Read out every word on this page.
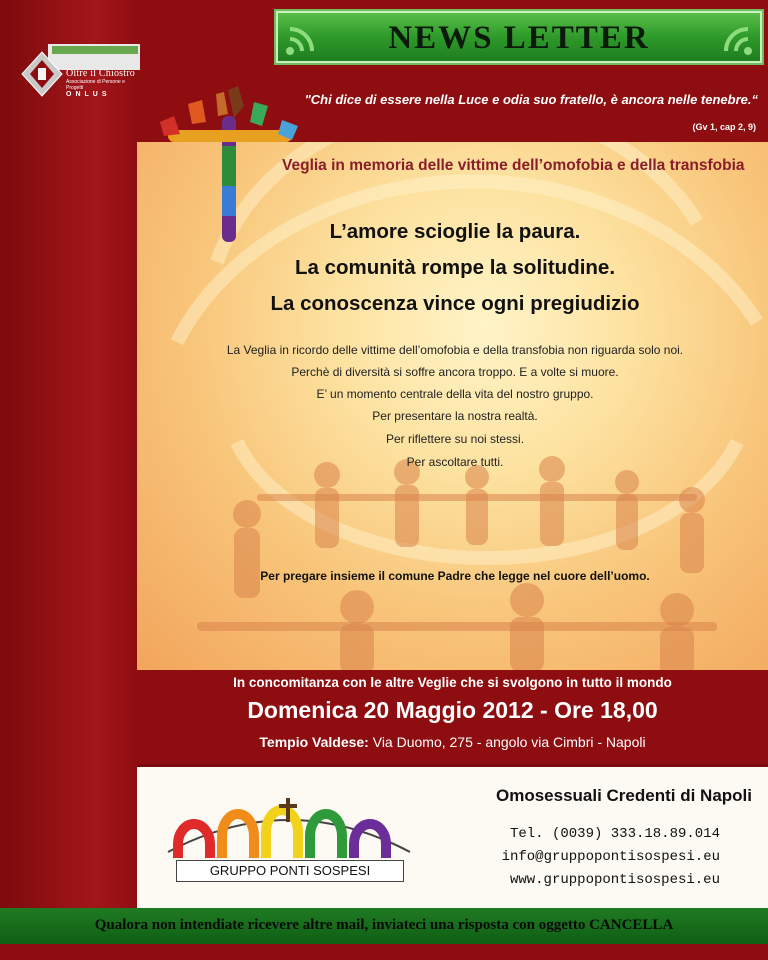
Oltre il Chiostro
Associazione di Persone e Progetti
ONLUS
NEWS LETTER
"Chi dice di essere nella Luce e odia suo fratello, è ancora nelle tenebre.“
(Gv 1, cap 2, 9)
Veglia in memoria delle vittime dell’omofobia e della transfobia
L’amore scioglie la paura.
La comunità rompe la solitudine.
La conoscenza vince ogni pregiudizio
La Veglia in ricordo delle vittime dell’omofobia e della transfobia non riguarda solo noi.
Perchè di diversità si soffre ancora troppo. E a volte si muore.
E’ un momento centrale della vita del nostro gruppo.
Per presentare la nostra realtà.
Per riflettere su noi stessi.
Per ascoltare tutti.
Per pregare insieme il comune Padre che legge nel cuore dell’uomo.
In concomitanza con le altre Veglie che si svolgono in tutto il mondo
Domenica 20 Maggio 2012 - Ore 18,00
Tempio Valdese: Via Duomo, 275 - angolo via Cimbri - Napoli
GRUPPO PONTI SOSPESI
Omosessuali Credenti di Napoli
Tel. (0039) 333.18.89.014
info@gruppopontisospesi.eu
www.gruppopontisospesi.eu
Qualora non intendiate ricevere altre mail, inviateci una risposta con oggetto CANCELLA
